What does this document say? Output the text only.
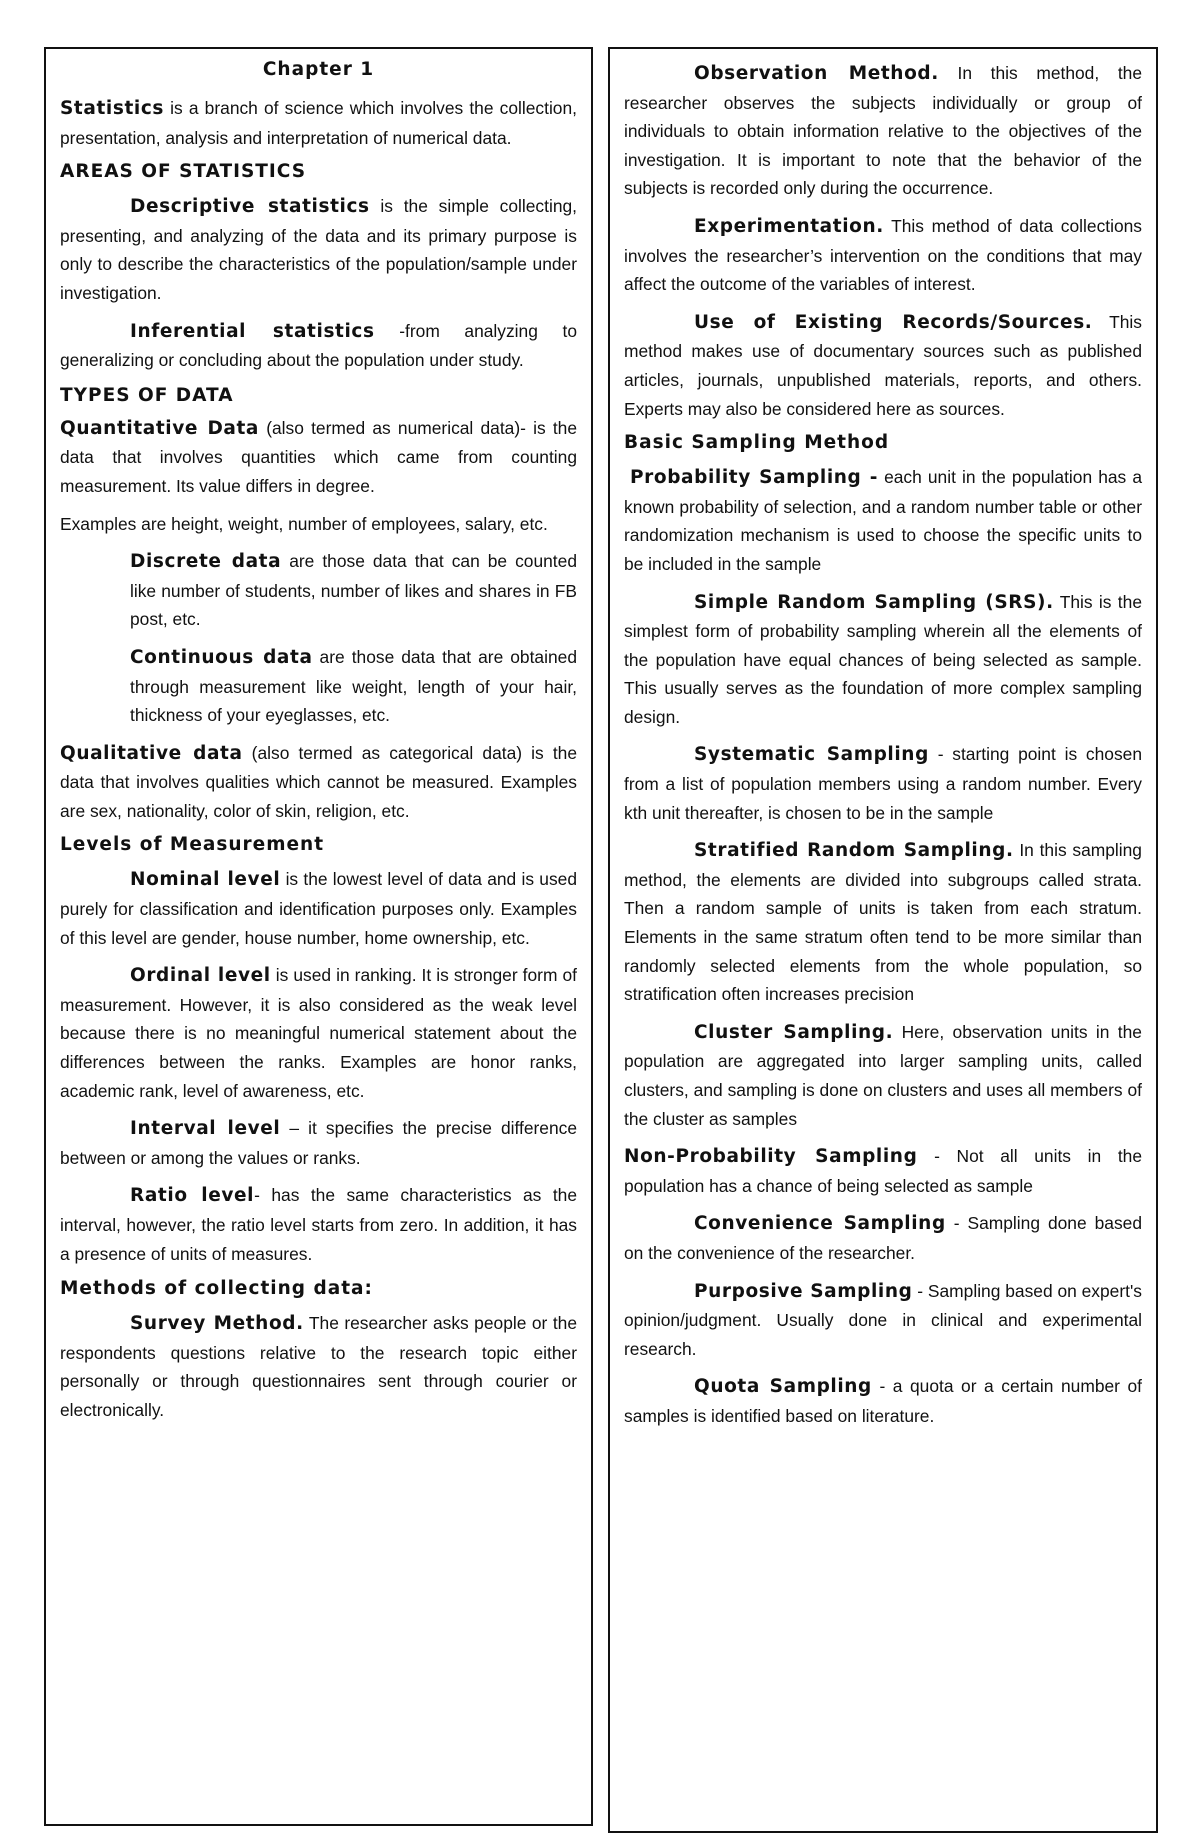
Chapter 1

Statistics is a branch of science which involves the collection, presentation, analysis and interpretation of numerical data.

AREAS OF STATISTICS

Descriptive statistics is the simple collecting, presenting, and analyzing of the data and its primary purpose is only to describe the characteristics of the population/sample under investigation.

Inferential statistics -from analyzing to generalizing or concluding about the population under study.

TYPES OF DATA

Quantitative Data (also termed as numerical data)- is the data that involves quantities which came from counting measurement. Its value differs in degree.

Examples are height, weight, number of employees, salary, etc.

Discrete data are those data that can be counted like number of students, number of likes and shares in FB post, etc.

Continuous data are those data that are obtained through measurement like weight, length of your hair, thickness of your eyeglasses, etc.

Qualitative data (also termed as categorical data) is the data that involves qualities which cannot be measured. Examples are sex, nationality, color of skin, religion, etc.

Levels of Measurement

Nominal level is the lowest level of data and is used purely for classification and identification purposes only. Examples of this level are gender, house number, home ownership, etc.

Ordinal level is used in ranking. It is stronger form of measurement. However, it is also considered as the weak level because there is no meaningful numerical statement about the differences between the ranks. Examples are honor ranks, academic rank, level of awareness, etc.

Interval level – it specifies the precise difference between or among the values or ranks.

Ratio level- has the same characteristics as the interval, however, the ratio level starts from zero. In addition, it has a presence of units of measures.

Methods of collecting data:

Survey Method. The researcher asks people or the respondents questions relative to the research topic either personally or through questionnaires sent through courier or electronically.

Observation Method. In this method, the researcher observes the subjects individually or group of individuals to obtain information relative to the objectives of the investigation. It is important to note that the behavior of the subjects is recorded only during the occurrence.

Experimentation. This method of data collections involves the researcher’s intervention on the conditions that may affect the outcome of the variables of interest.

Use of Existing Records/Sources. This method makes use of documentary sources such as published articles, journals, unpublished materials, reports, and others. Experts may also be considered here as sources.

Basic Sampling Method

Probability Sampling - each unit in the population has a known probability of selection, and a random number table or other randomization mechanism is used to choose the specific units to be included in the sample

Simple Random Sampling (SRS). This is the simplest form of probability sampling wherein all the elements of the population have equal chances of being selected as sample. This usually serves as the foundation of more complex sampling design.

Systematic Sampling - starting point is chosen from a list of population members using a random number. Every kth unit thereafter, is chosen to be in the sample

Stratified Random Sampling. In this sampling method, the elements are divided into subgroups called strata. Then a random sample of units is taken from each stratum. Elements in the same stratum often tend to be more similar than randomly selected elements from the whole population, so stratification often increases precision

Cluster Sampling. Here, observation units in the population are aggregated into larger sampling units, called clusters, and sampling is done on clusters and uses all members of the cluster as samples

Non-Probability Sampling - Not all units in the population has a chance of being selected as sample

Convenience Sampling - Sampling done based on the convenience of the researcher.

Purposive Sampling - Sampling based on expert's opinion/judgment. Usually done in clinical and experimental research.

Quota Sampling - a quota or a certain number of samples is identified based on literature.
